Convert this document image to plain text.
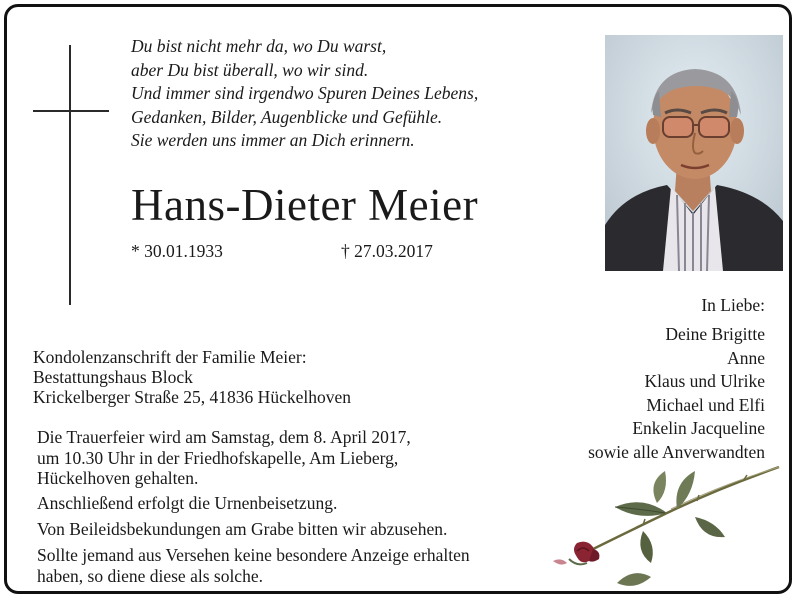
Du bist nicht mehr da, wo Du warst,
aber Du bist überall, wo wir sind.
Und immer sind irgendwo Spuren Deines Lebens,
Gedanken, Bilder, Augenblicke und Gefühle.
Sie werden uns immer an Dich erinnern.
Hans-Dieter Meier
* 30.01.1933	† 27.03.2017
In Liebe:
Deine Brigitte
Anne
Klaus und Ulrike
Michael und Elfi
Enkelin Jacqueline
sowie alle Anverwandten
Kondolenzanschrift der Familie Meier:
Bestattungshaus Block
Krickelberger Straße 25, 41836 Hückelhoven
Die Trauerfeier wird am Samstag, dem 8. April 2017,
um 10.30 Uhr in der Friedhofskapelle, Am Lieberg,
Hückelhoven gehalten.
Anschließend erfolgt die Urnenbeisetzung.
Von Beileidsbekundungen am Grabe bitten wir abzusehen.
Sollte jemand aus Versehen keine besondere Anzeige erhalten
haben, so diene diese als solche.
